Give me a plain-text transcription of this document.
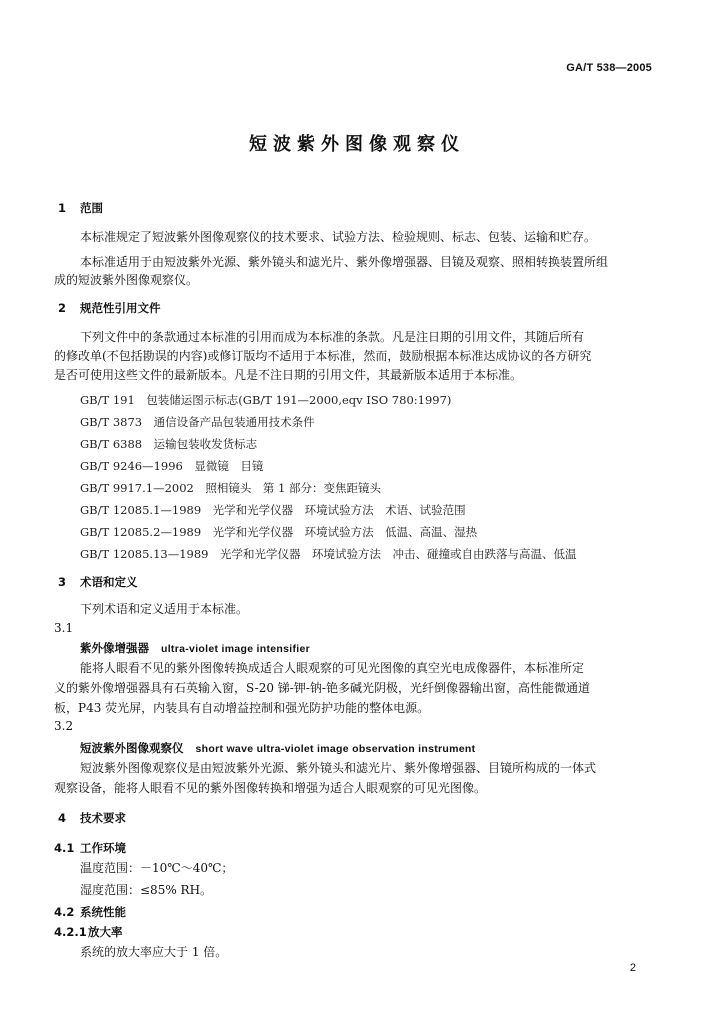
GA/T 538—2005
短波紫外图像观察仪
1 范围
本标准规定了短波紫外图像观察仪的技术要求、试验方法、检验规则、标志、包装、运输和贮存。
本标准适用于由短波紫外光源、紫外镜头和滤光片、紫外像增强器、目镜及观察、照相转换装置所组
成的短波紫外图像观察仪。
2 规范性引用文件
下列文件中的条款通过本标准的引用而成为本标准的条款。凡是注日期的引用文件，其随后所有
的修改单(不包括勘误的内容)或修订版均不适用于本标准，然而，鼓励根据本标准达成协议的各方研究
是否可使用这些文件的最新版本。凡是不注日期的引用文件，其最新版本适用于本标准。
GB/T 191　包装储运图示标志(GB/T 191—2000,eqv ISO 780:1997)
GB/T 3873　通信设备产品包装通用技术条件
GB/T 6388　运输包装收发货标志
GB/T 9246—1996　显微镜　目镜
GB/T 9917.1—2002　照相镜头　第 1 部分：变焦距镜头
GB/T 12085.1—1989　光学和光学仪器　环境试验方法　术语、试验范围
GB/T 12085.2—1989　光学和光学仪器　环境试验方法　低温、高温、湿热
GB/T 12085.13—1989　光学和光学仪器　环境试验方法　冲击、碰撞或自由跌落与高温、低温
3 术语和定义
下列术语和定义适用于本标准。
3.1
紫外像增强器 ultra-violet image intensifier
能将人眼看不见的紫外图像转换成适合人眼观察的可见光图像的真空光电成像器件，本标准所定
义的紫外像增强器具有石英输入窗，S-20 锑-钾-钠-铯多碱光阴极，光纤倒像器输出窗，高性能微通道
板，P43 荧光屏，内装具有自动增益控制和强光防护功能的整体电源。
3.2
短波紫外图像观察仪 short wave ultra-violet image observation instrument
短波紫外图像观察仪是由短波紫外光源、紫外镜头和滤光片、紫外像增强器、目镜所构成的一体式
观察设备，能将人眼看不见的紫外图像转换和增强为适合人眼观察的可见光图像。
4 技术要求
4.1 工作环境
温度范围：－10℃～40℃；
湿度范围：≤85% RH。
4.2 系统性能
4.2.1放大率
系统的放大率应大于 1 倍。
2
